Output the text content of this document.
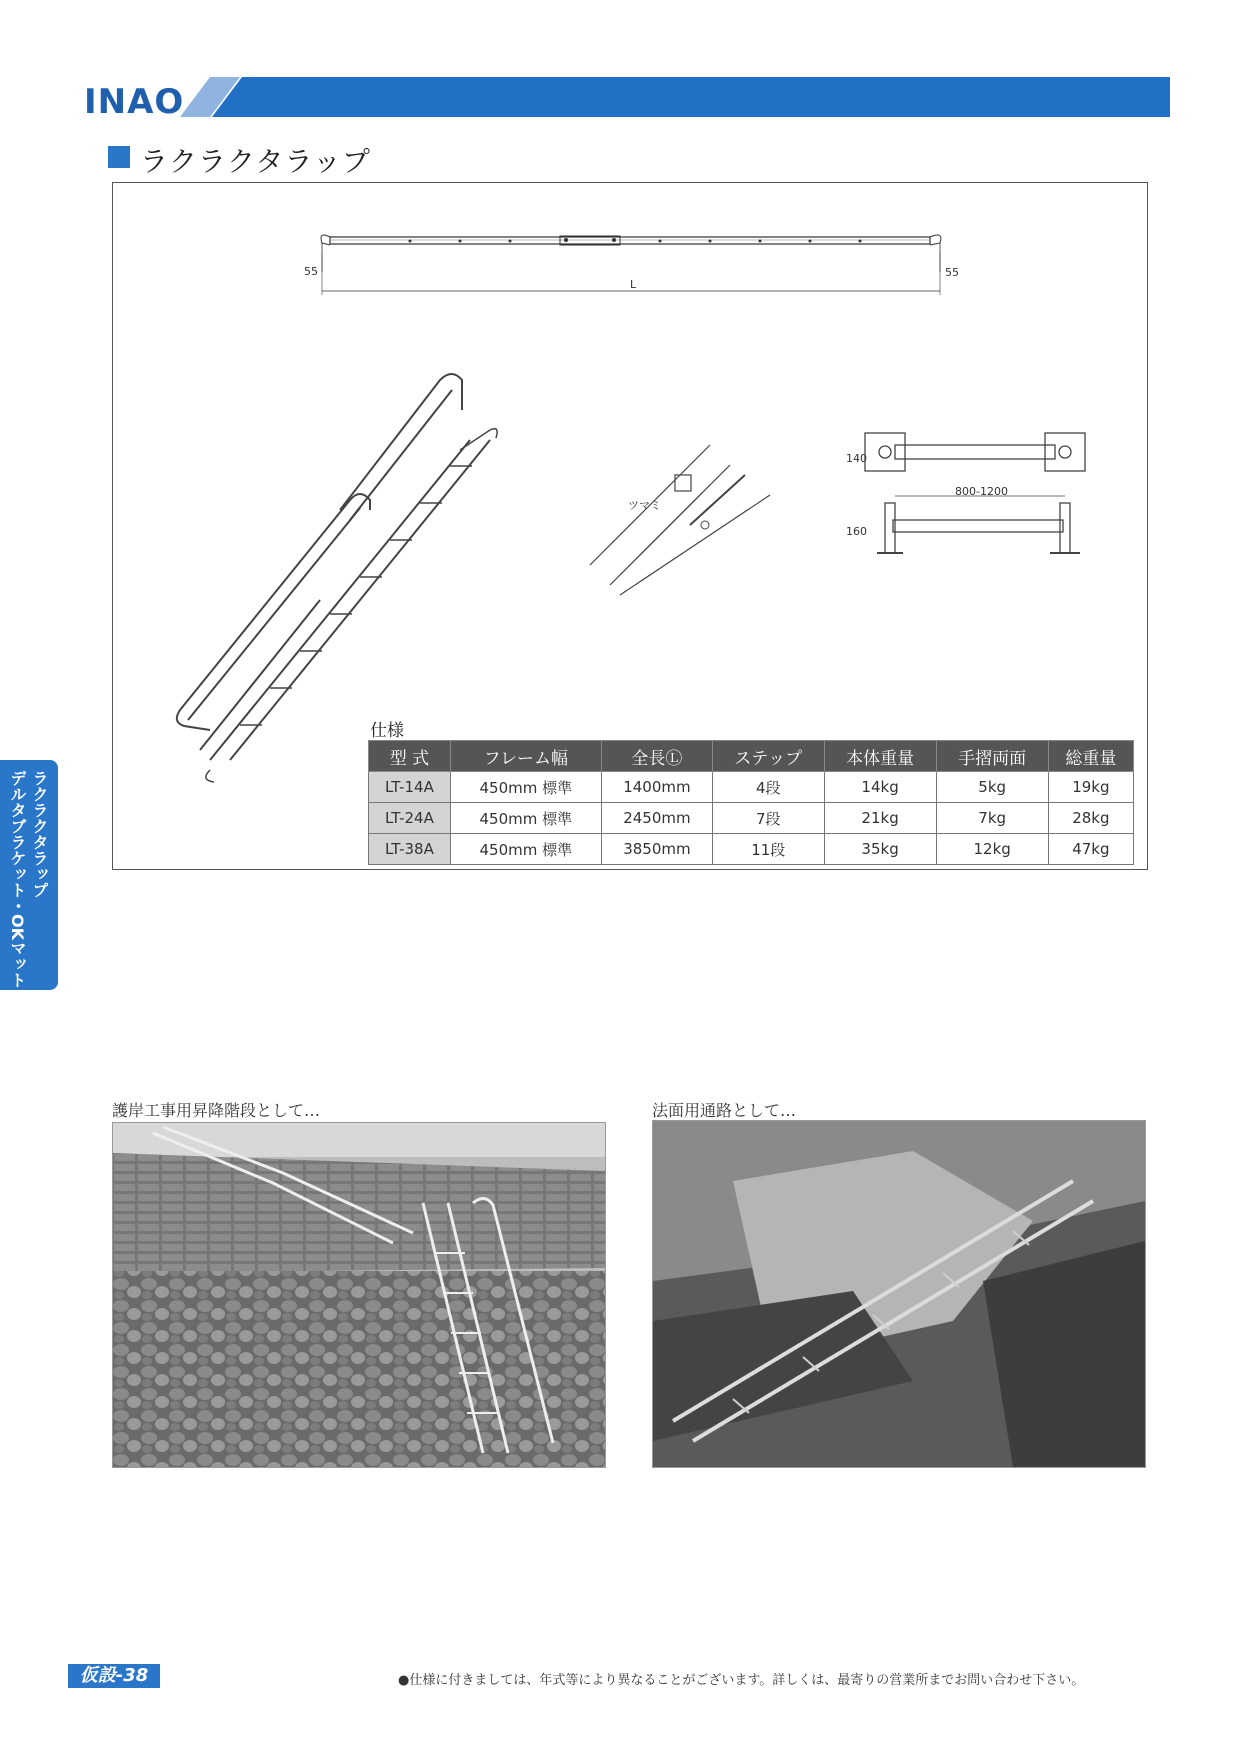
INAO
ラクラクタラップ
55	55
L
ツマミ
140
160
800-1200
仕様
型 式	フレーム幅	全長Ⓛ	ステップ	本体重量	手摺両面	総重量
LT-14A	450mm 標準	1400mm	4段	14kg	5kg	19kg
LT-24A	450mm 標準	2450mm	7段	21kg	7kg	28kg
LT-38A	450mm 標準	3850mm	11段	35kg	12kg	47kg
ラクラクタラップ
デルタブラケット・OKマット
護岸工事用昇降階段として…	法面用通路として…
仮設-38	●仕様に付きましては、年式等により異なることがございます。詳しくは、最寄りの営業所までお問い合わせ下さい。
